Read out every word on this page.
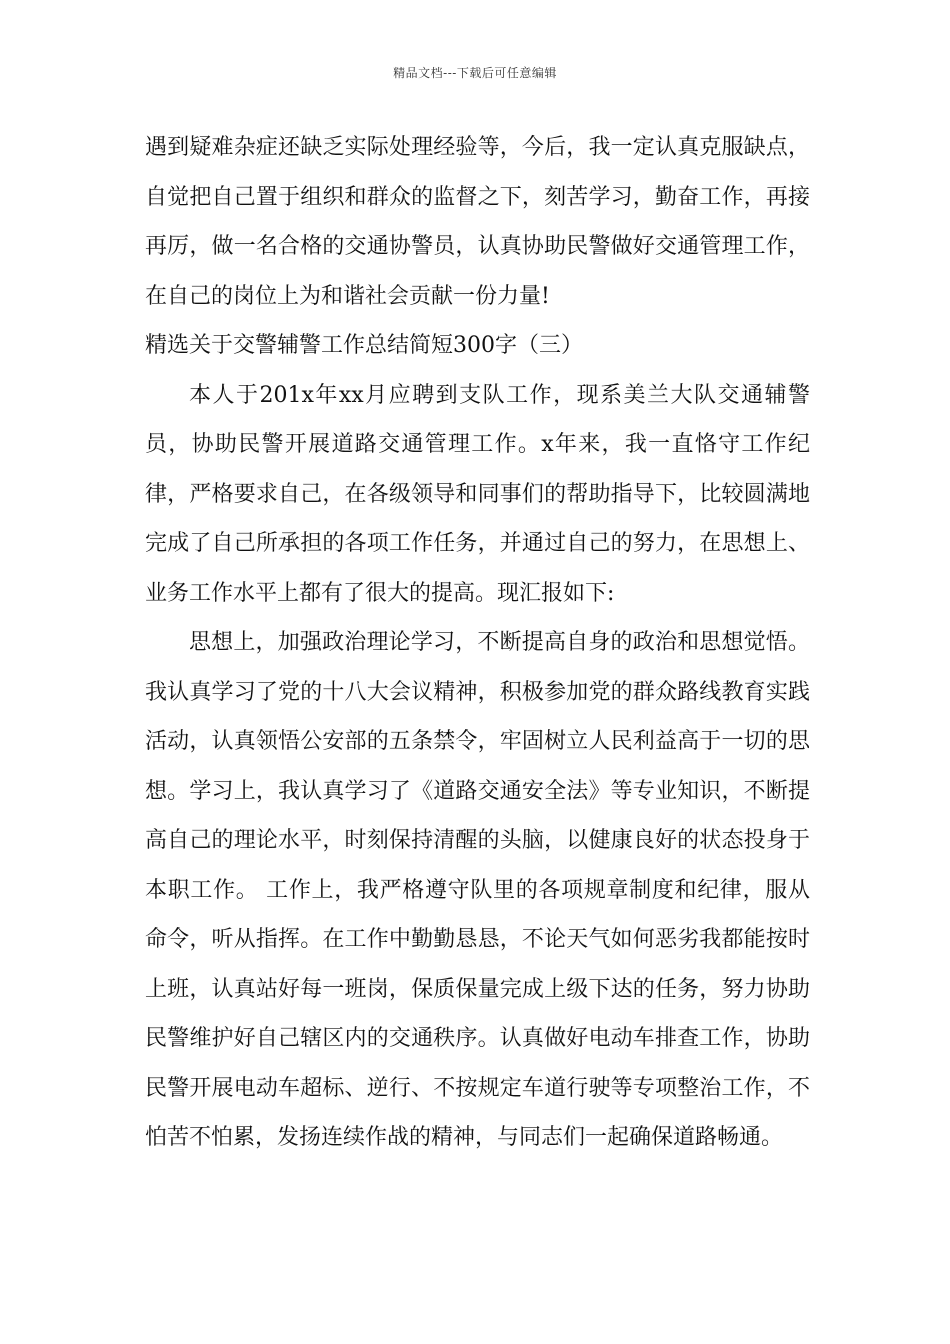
精品文档---下载后可任意编辑

遇到疑难杂症还缺乏实际处理经验等，今后，我一定认真克服缺点，自觉把自己置于组织和群众的监督之下，刻苦学习，勤奋工作，再接再厉，做一名合格的交通协警员，认真协助民警做好交通管理工作，在自己的岗位上为和谐社会贡献一份力量!

精选关于交警辅警工作总结简短300字（三）

本人于201x年xx月应聘到支队工作，现系美兰大队交通辅警员，协助民警开展道路交通管理工作。x年来，我一直恪守工作纪律，严格要求自己，在各级领导和同事们的帮助指导下，比较圆满地完成了自己所承担的各项工作任务，并通过自己的努力，在思想上、业务工作水平上都有了很大的提高。现汇报如下:

思想上，加强政治理论学习，不断提高自身的政治和思想觉悟。我认真学习了党的十八大会议精神，积极参加党的群众路线教育实践活动，认真领悟公安部的五条禁令，牢固树立人民利益高于一切的思想。学习上，我认真学习了《道路交通安全法》等专业知识，不断提高自己的理论水平，时刻保持清醒的头脑，以健康良好的状态投身于本职工作。 工作上，我严格遵守队里的各项规章制度和纪律，服从命令，听从指挥。在工作中勤勤恳恳，不论天气如何恶劣我都能按时上班，认真站好每一班岗，保质保量完成上级下达的任务，努力协助民警维护好自己辖区内的交通秩序。认真做好电动车排查工作，协助民警开展电动车超标、逆行、不按规定车道行驶等专项整治工作，不怕苦不怕累，发扬连续作战的精神，与同志们一起确保道路畅通。
